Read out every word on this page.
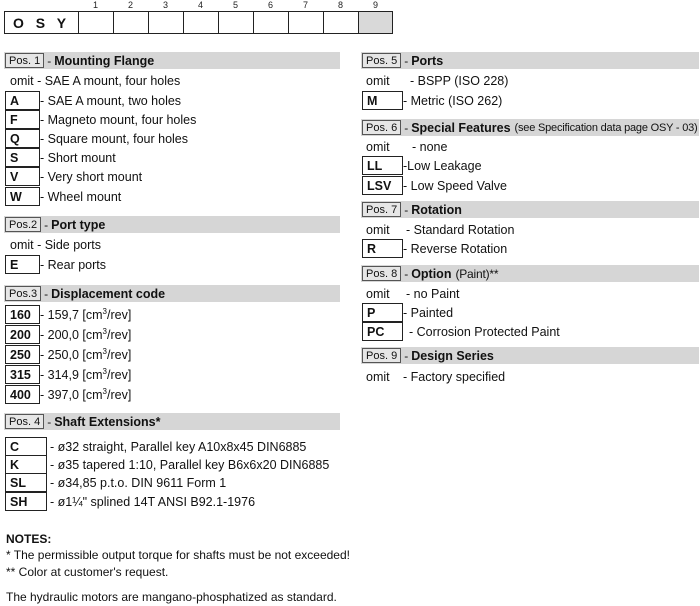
1	2	3	4	5	6	7	8	9
O S Y
Pos. 1 - Mounting Flange
omit - SAE A mount, four holes
A	- SAE A mount, two holes
F	- Magneto mount, four holes
Q	- Square mount, four holes
S	- Short mount
V	- Very short mount
W	- Wheel mount
Pos.2 - Port type
omit - Side ports
E	- Rear ports
Pos.3 - Displacement code
160 - 159,7 $[cm^3/rev]$
200 - 200,0 $[cm^3/rev]$
250 - 250,0 $[cm^3/rev]$
315 - 314,9 $[cm^3/rev]$
400 - 397,0 $[cm^3/rev]$
Pos. 4 - Shaft Extensions*
C	- ø32 straight, Parallel key A10x8x45 DIN6885
K	- ø35 tapered 1:10, Parallel key B6x6x20 DIN6885
SL	- ø34,85 p.t.o. DIN 9611 Form 1
SH	- ø1¼" splined 14T ANSI B92.1-1976
Pos. 5 - Ports
omit	- BSPP (ISO 228)
M	- Metric (ISO 262)
Pos. 6 - Special Features (see Specification data page OSY - 03)
omit	- none
LL	-Low Leakage
LSV - Low Speed Valve
Pos. 7 - Rotation
omit	- Standard Rotation
R	- Reverse Rotation
Pos. 8 - Option (Paint)**
omit	- no Paint
P	- Painted
PC	- Corrosion Protected Paint
Pos. 9 - Design Series
omit	- Factory specified
NOTES:
* The permissible output torque for shafts must be not exceeded!
** Color at customer's request.
The hydraulic motors are mangano-phosphatized as standard.
